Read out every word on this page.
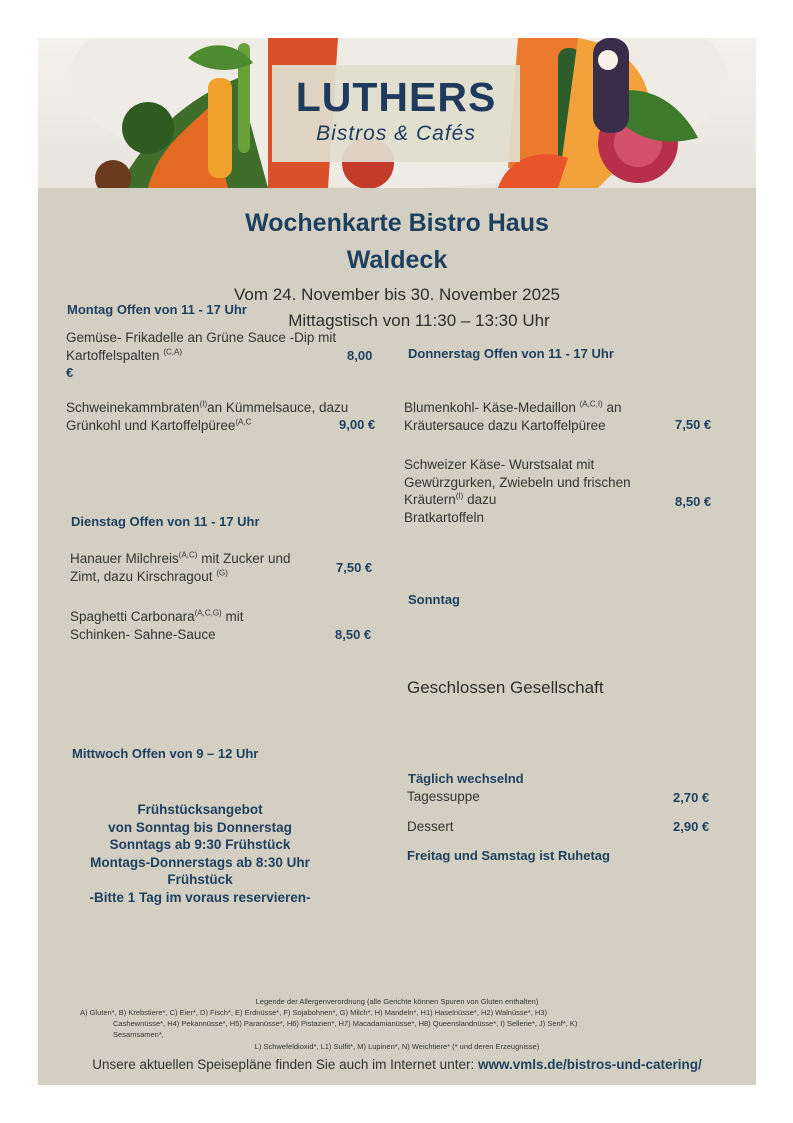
LUTHERS
Bistros & Cafés
Wochenkarte Bistro Haus
Waldeck
Vom 24. November bis 30. November 2025
Mittagstisch von 11:30 – 13:30 Uhr
Montag Offen von 11 - 17 Uhr
Gemüse- Frikadelle an Grüne Sauce -Dip mit
Kartoffelspalten $^{(C,A)}$	8,00
€
Schweinekammbraten$^{(I)}$an Kümmelsauce, dazu
Grünkohl und Kartoffelpüree$^{(A,C}$	9,00 €
Dienstag Offen von 11 - 17 Uhr
Hanauer Milchreis$^{(A,C)}$ mit Zucker und
Zimt, dazu Kirschragout $^{(G)}$	7,50 €
Spaghetti Carbonara$^{(A,C,G)}$ mit
Schinken- Sahne-Sauce	8,50 €
Mittwoch Offen von 9 – 12 Uhr
Frühstücksangebot
von Sonntag bis Donnerstag
Sonntags ab 9:30 Frühstück
Montags-Donnerstags ab 8:30 Uhr
Frühstück
-Bitte 1 Tag im voraus reservieren-
Donnerstag Offen von 11 - 17 Uhr
Blumenkohl- Käse-Medaillon $^{(A,C,I)}$ an
Kräutersauce dazu Kartoffelpüree	7,50 €
Schweizer Käse- Wurstsalat mit
Gewürzgurken, Zwiebeln und frischen
Kräutern$^{(I)}$ dazu
Bratkartoffeln
8,50 €
Sonntag
Geschlossen Gesellschaft
Täglich wechselnd
Tagessuppe	2,70 €
Dessert	2,90 €
Freitag und Samstag ist Ruhetag
Legende der Allergenverordnung (alle Gerichte können Spuren von Gluten enthalten)
A) Gluten*, B) Krebstiere*, C) Eier*, D) Fisch*, E) Erdnüsse*, F) Sojabohnen*, G) Milch*, H) Mandeln*, H1) Haselnüsse*, H2) Walnüsse*, H3)
Cashewnüsse*, H4) Pekannüsse*, H5) Paranüsse*, H6) Pistazien*, H7) Macadamianüsse*, H8) Queenslandnüsse*, I) Sellerie*, J) Senf*, K)
Sesamsamen*,
L) Schwefeldioxid*, L1) Sulfit*, M) Lupinen*, N) Weichtiere* (* und deren Erzeugnisse)
Unsere aktuellen Speisepläne finden Sie auch im Internet unter: www.vmls.de/bistros-und-catering/
